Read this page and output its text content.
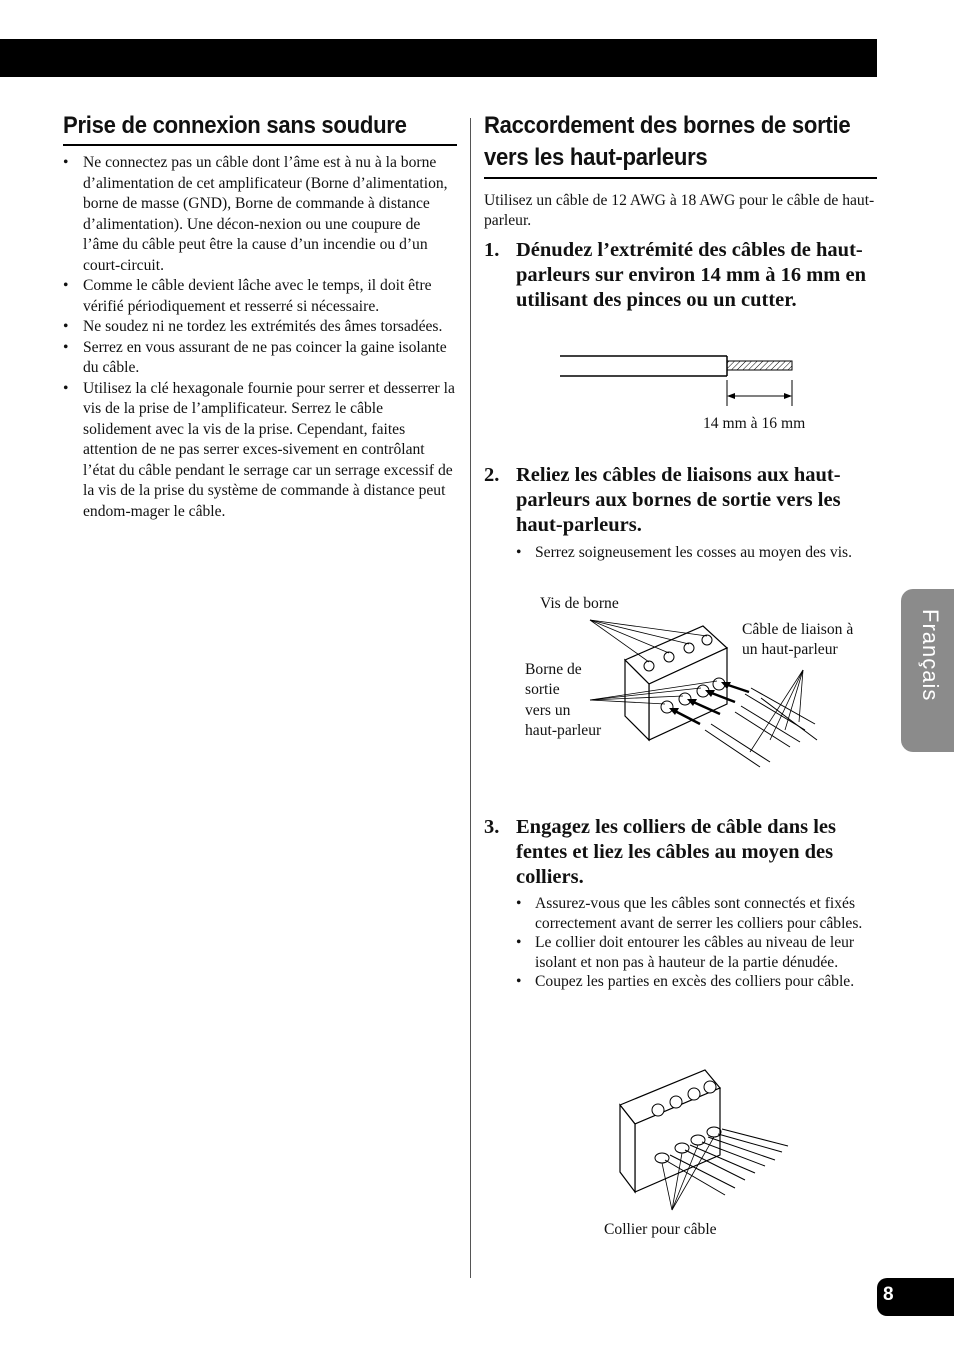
Prise de connexion sans soudure
• Ne connectez pas un câble dont l’âme est à nu à la borne d’alimentation de cet amplificateur (Borne d’alimentation, borne de masse (GND), Borne de commande à distance d’alimentation). Une décon-nexion ou une coupure de l’âme du câble peut être la cause d’un incendie ou d’un court-circuit.
• Comme le câble devient lâche avec le temps, il doit être vérifié périodiquement et resserré si nécessaire.
• Ne soudez ni ne tordez les extrémités des âmes torsadées.
• Serrez en vous assurant de ne pas coincer la gaine isolante du câble.
• Utilisez la clé hexagonale fournie pour serrer et desserrer la vis de la prise de l’amplificateur. Serrez le câble solidement avec la vis de la prise. Cependant, faites attention de ne pas serrer exces-sivement en contrôlant l’état du câble pendant le serrage car un serrage excessif de la vis de la prise du système de commande à distance peut endom-mager le câble.
Raccordement des bornes de sortie vers les haut-parleurs
Utilisez un câble de 12 AWG à 18 AWG pour le câble de haut-parleur.
1. Dénudez l’extrémité des câbles de haut-parleurs sur environ 14 mm à 16 mm en utilisant des pinces ou un cutter.
14 mm à 16 mm
2. Reliez les câbles de liaisons aux haut-parleurs aux bornes de sortie vers les haut-parleurs.
• Serrez soigneusement les cosses au moyen des vis.
Vis de borne
Câble de liaison à
un haut-parleur
Borne de
sortie
vers un
haut-parleur
3. Engagez les colliers de câble dans les fentes et liez les câbles au moyen des colliers.
• Assurez-vous que les câbles sont connectés et fixés correctement avant de serrer les colliers pour câbles.
• Le collier doit entourer les câbles au niveau de leur isolant et non pas à hauteur de la partie dénudée.
• Coupez les parties en excès des colliers pour câble.
Collier pour câble
Français
8
